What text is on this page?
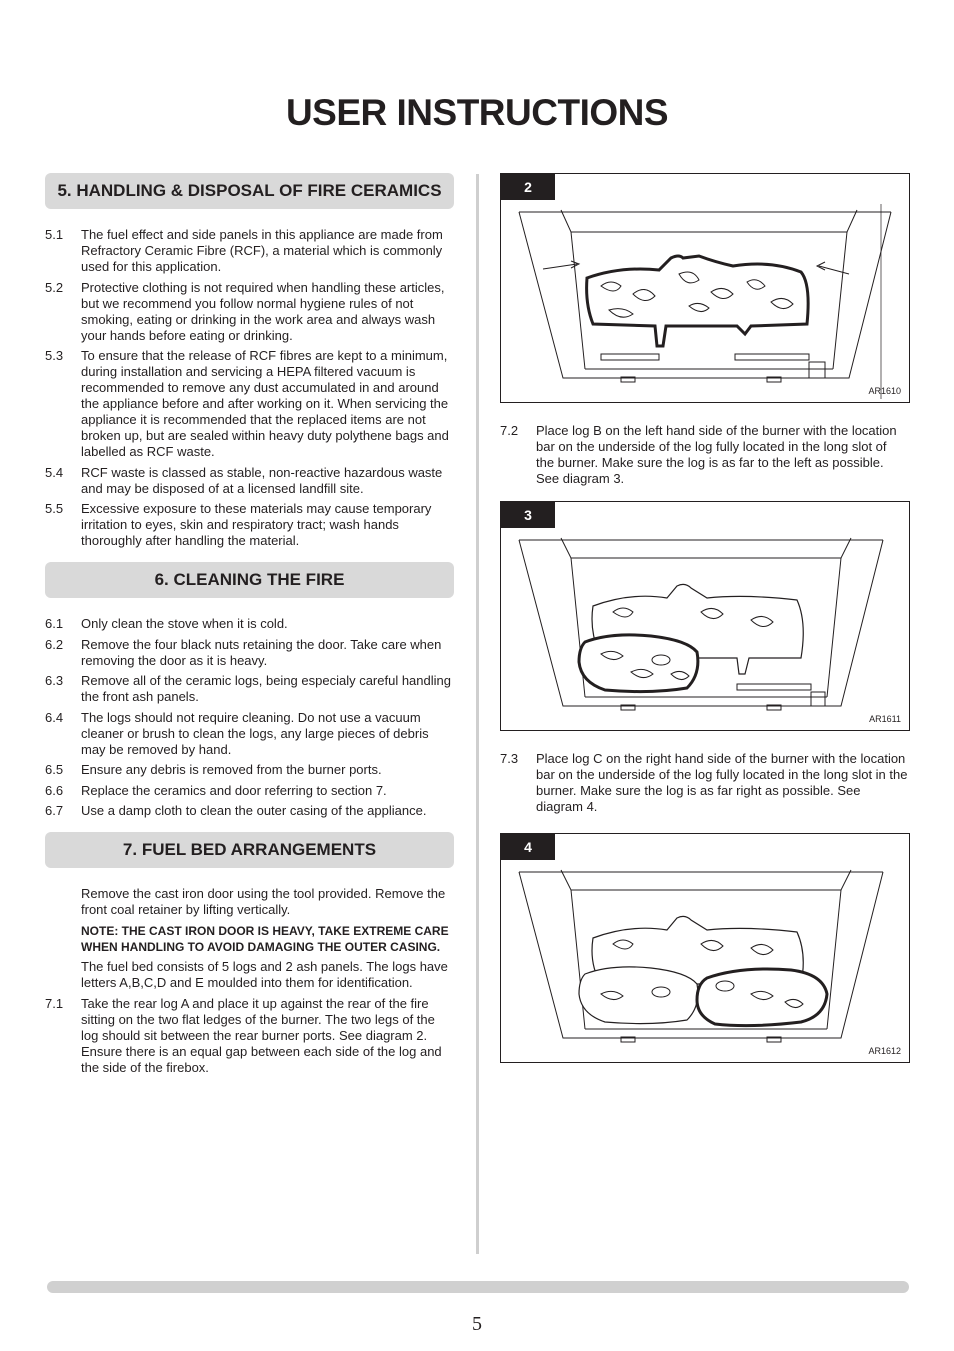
USER INSTRUCTIONS
5. HANDLING & DISPOSAL OF FIRE CERAMICS
5.1	The fuel effect and side panels in this appliance are made from Refractory Ceramic Fibre (RCF), a material which is commonly used for this application.
5.2	Protective clothing is not required when handling these articles, but we recommend you follow normal hygiene rules of not smoking, eating or drinking in the work area and always wash your hands before eating or drinking.
5.3	To ensure that the release of RCF fibres are kept to a minimum, during installation and servicing a HEPA filtered vacuum is recommended to remove any dust accumulated in and around the appliance before and after working on it. When servicing the appliance it is recommended that the replaced items are not broken up, but are sealed within heavy duty polythene bags and labelled as RCF waste.
5.4	RCF waste is classed as stable, non-reactive hazardous waste and may be disposed of at a licensed landfill site.
5.5	Excessive exposure to these materials may cause temporary irritation to eyes, skin and respiratory tract; wash hands thoroughly after handling the material.
6. CLEANING THE FIRE
6.1	Only clean the stove when it is cold.
6.2	Remove the four black nuts retaining the door. Take care when removing the door as it is heavy.
6.3	Remove all of the ceramic logs, being especialy careful handling the front ash panels.
6.4	The logs should not require cleaning. Do not use a vacuum cleaner or brush to clean the logs, any large pieces of debris may be removed by hand.
6.5	Ensure any debris is removed from the burner ports.
6.6	Replace the ceramics and door referring to section 7.
6.7	Use a damp cloth to clean the outer casing of the appliance.
7. FUEL BED ARRANGEMENTS
Remove the cast iron door using the tool provided. Remove the front coal retainer by lifting vertically.
NOTE: THE CAST IRON DOOR IS HEAVY, TAKE EXTREME CARE WHEN HANDLING TO AVOID DAMAGING THE OUTER CASING.
The fuel bed consists of 5 logs and 2 ash panels. The logs have letters A,B,C,D and E moulded into them for identification.
7.1	Take the rear log A and place it up against the rear of the fire sitting on the two flat ledges of the burner. The two legs of the log should sit between the rear burner ports. See diagram 2. Ensure there is an equal gap between each side of the log and the side of the firebox.
2
AR1610
7.2	Place log B on the left hand side of the burner with the location bar on the underside of the log fully located in the long slot of the burner. Make sure the log is as far to the left as possible. See diagram 3.
3
AR1611
7.3	Place log C on the right hand side of the burner with the location bar on the underside of the log fully located in the long slot in the burner. Make sure the log is as far right as possible. See diagram 4.
4
AR1612
5
